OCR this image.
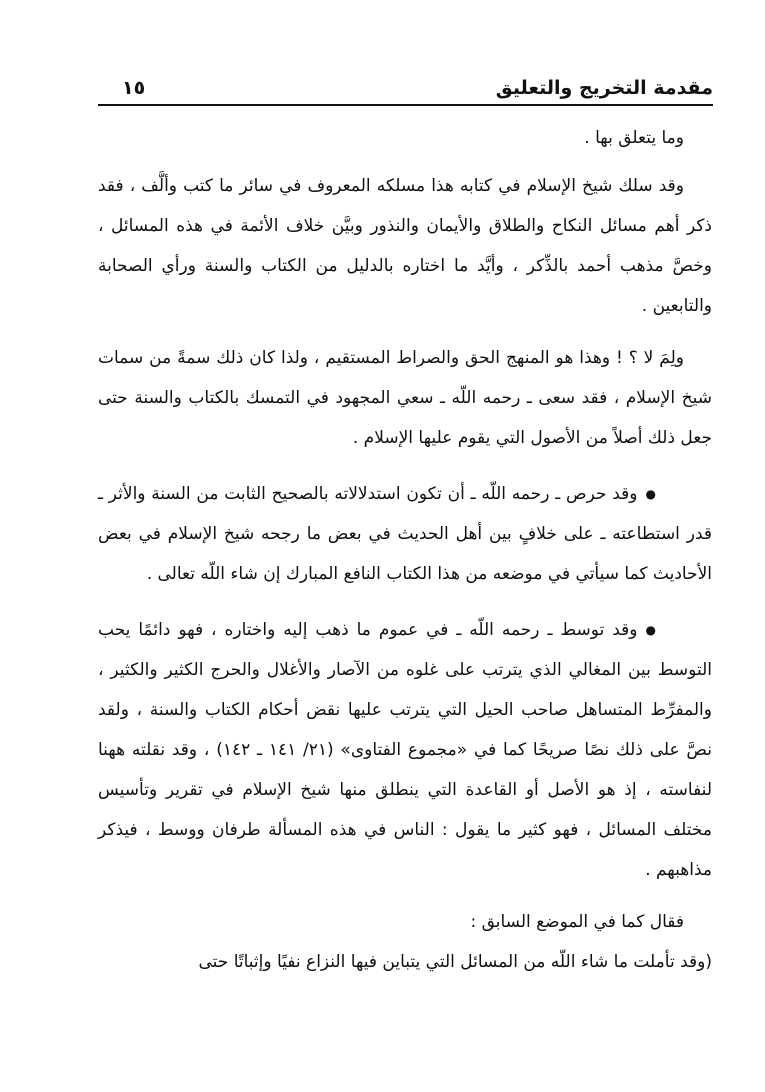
مقدمة التخريج والتعليق
١٥

وما يتعلق بها .

وقد سلك شيخ الإسلام في كتابه هذا مسلكه المعروف في سائر ما كتب وألَّف ، فقد ذكر أهم مسائل النكاح والطلاق والأيمان والنذور وبيَّن خلاف الأئمة في هذه المسائل ، وخصَّ مذهب أحمد بالذِّكر ، وأيَّد ما اختاره بالدليل من الكتاب والسنة ورأي الصحابة والتابعين .

ولِمَ لا ؟ ! وهذا هو المنهج الحق والصراط المستقيم ، ولذا كان ذلك سمةً من سمات شيخ الإسلام ، فقد سعى ـ رحمه اللّه ـ سعي المجهود في التمسك بالكتاب والسنة حتى جعل ذلك أصلاً من الأصول التي يقوم عليها الإسلام .

●وقد حرص ـ رحمه اللّه ـ أن تكون استدلالاته بالصحيح الثابت من السنة والأثر ـ قدر استطاعته ـ على خلافٍ بين أهل الحديث في بعض ما رجحه شيخ الإسلام في بعض الأحاديث كما سيأتي في موضعه من هذا الكتاب النافع المبارك إن شاء اللّه تعالى .

●وقد توسط ـ رحمه اللّه ـ في عموم ما ذهب إليه واختاره ، فهو دائمًا يحب التوسط بين المغالي الذي يترتب على غلوه من الآصار والأغلال والحرج الكثير والكثير ، والمفرِّط المتساهل صاحب الحيل التي يترتب عليها نقض أحكام الكتاب والسنة ، ولقد نصَّ على ذلك نصًا صريحًا كما في «مجموع الفتاوى» (٢١/ ١٤١ ـ ١٤٢) ، وقد نقلته ههنا لنفاسته ، إذ هو الأصل أو القاعدة التي ينطلق منها شيخ الإسلام في تقرير وتأسيس مختلف المسائل ، فهو كثير ما يقول : الناس في هذه المسألة طرفان ووسط ، فيذكر مذاهبهم .

فقال كما في الموضع السابق :

(وقد تأملت ما شاء اللّه من المسائل التي يتباين فيها النزاع نفيًا وإثباتًا حتى
